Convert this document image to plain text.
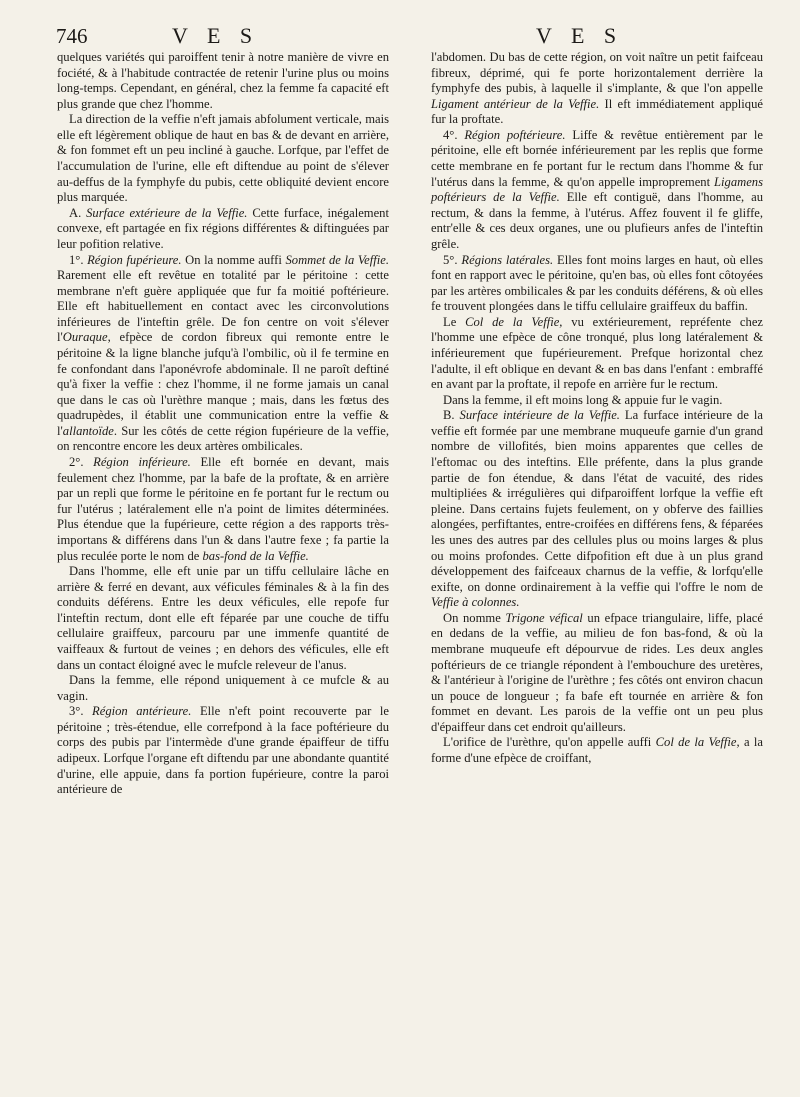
746	V E S	V E S

quelques variétés qui paroiffent tenir à notre manière de vivre en fociété, & à l'habitude contractée de retenir l'urine plus ou moins long-temps. Cependant, en général, chez la femme fa capacité eft plus grande que chez l'homme.

La direction de la veffie n'eft jamais abfolument verticale, mais elle eft légèrement oblique de haut en bas & de devant en arrière, & fon fommet eft un peu incliné à gauche. Lorfque, par l'effet de l'accumulation de l'urine, elle eft diftendue au point de s'élever au-deffus de la fymphyfe du pubis, cette obliquité devient encore plus marquée.

A. Surface extérieure de la Veffie. Cette furface, inégalement convexe, eft partagée en fix régions différentes & diftinguées par leur pofition relative.

1°. Région fupérieure. On la nomme auffi Sommet de la Veffie. Rarement elle eft revêtue en totalité par le péritoine : cette membrane n'eft guère appliquée que fur fa moitié poftérieure. Elle eft habituellement en contact avec les circonvolutions inférieures de l'inteftin grêle. De fon centre on voit s'élever l'Ouraque, efpèce de cordon fibreux qui remonte entre le péritoine & la ligne blanche jufqu'à l'ombilic, où il fe termine en fe confondant dans l'aponévrofe abdominale. Il ne paroît deftiné qu'à fixer la veffie : chez l'homme, il ne forme jamais un canal que dans le cas où l'urèthre manque ; mais, dans les fœtus des quadrupèdes, il établit une communication entre la veffie & l'allantoïde. Sur les côtés de cette région fupérieure de la veffie, on rencontre encore les deux artères ombilicales.

2°. Région inférieure. Elle eft bornée en devant, mais feulement chez l'homme, par la bafe de la proftate, & en arrière par un repli que forme le péritoine en fe portant fur le rectum ou fur l'utérus ; latéralement elle n'a point de limites déterminées. Plus étendue que la fupérieure, cette région a des rapports très-importans & différens dans l'un & dans l'autre fexe ; fa partie la plus reculée porte le nom de bas-fond de la Veffie.

Dans l'homme, elle eft unie par un tiffu cellulaire lâche en arrière & ferré en devant, aux véficules féminales & à la fin des conduits déférens. Entre les deux véficules, elle repofe fur l'inteftin rectum, dont elle eft féparée par une couche de tiffu cellulaire graiffeux, parcouru par une immenfe quantité de vaiffeaux & furtout de veines ; en dehors des véficules, elle eft dans un contact éloigné avec le mufcle releveur de l'anus.

Dans la femme, elle répond uniquement à ce mufcle & au vagin.

3°. Région antérieure. Elle n'eft point recouverte par le péritoine ; très-étendue, elle correfpond à la face poftérieure du corps des pubis par l'intermède d'une grande épaiffeur de tiffu adipeux. Lorfque l'organe eft diftendu par une abondante quantité d'urine, elle appuie, dans fa portion fupérieure, contre la paroi antérieure de

l'abdomen. Du bas de cette région, on voit naître un petit faifceau fibreux, déprimé, qui fe porte horizontalement derrière la fymphyfe des pubis, à laquelle il s'implante, & que l'on appelle Ligament antérieur de la Veffie. Il eft immédiatement appliqué fur la proftate.

4°. Région poftérieure. Liffe & revêtue entièrement par le péritoine, elle eft bornée inférieurement par les replis que forme cette membrane en fe portant fur le rectum dans l'homme & fur l'utérus dans la femme, & qu'on appelle improprement Ligamens poftérieurs de la Veffie. Elle eft contiguë, dans l'homme, au rectum, & dans la femme, à l'utérus. Affez fouvent il fe gliffe, entr'elle & ces deux organes, une ou plufieurs anfes de l'inteftin grêle.

5°. Régions latérales. Elles font moins larges en haut, où elles font en rapport avec le péritoine, qu'en bas, où elles font côtoyées par les artères ombilicales & par les conduits déférens, & où elles fe trouvent plongées dans le tiffu cellulaire graiffeux du baffin.

Le Col de la Veffie, vu extérieurement, repréfente chez l'homme une efpèce de cône tronqué, plus long latéralement & inférieurement que fupérieurement. Prefque horizontal chez l'adulte, il eft oblique en devant & en bas dans l'enfant : embraffé en avant par la proftate, il repofe en arrière fur le rectum.

Dans la femme, il eft moins long & appuie fur le vagin.

B. Surface intérieure de la Veffie. La furface intérieure de la veffie eft formée par une membrane muqueufe garnie d'un grand nombre de villofités, bien moins apparentes que celles de l'eftomac ou des inteftins. Elle préfente, dans la plus grande partie de fon étendue, & dans l'état de vacuité, des rides multipliées & irrégulières qui difparoiffent lorfque la veffie eft pleine. Dans certains fujets feulement, on y obferve des faillies alongées, perfiftantes, entre-croifées en différens fens, & féparées les unes des autres par des cellules plus ou moins larges & plus ou moins profondes. Cette difpofition eft due à un plus grand développement des faifceaux charnus de la veffie, & lorfqu'elle exifte, on donne ordinairement à la veffie qui l'offre le nom de Veffie à colonnes.

On nomme Trigone véfical un efpace triangulaire, liffe, placé en dedans de la veffie, au milieu de fon bas-fond, & où la membrane muqueufe eft dépourvue de rides. Les deux angles poftérieurs de ce triangle répondent à l'embouchure des uretères, & l'antérieur à l'origine de l'urèthre ; fes côtés ont environ chacun un pouce de longueur ; fa bafe eft tournée en arrière & fon fommet en devant. Les parois de la veffie ont un peu plus d'épaiffeur dans cet endroit qu'ailleurs.

L'orifice de l'urèthre, qu'on appelle auffi Col de la Veffie, a la forme d'une efpèce de croiffant,
